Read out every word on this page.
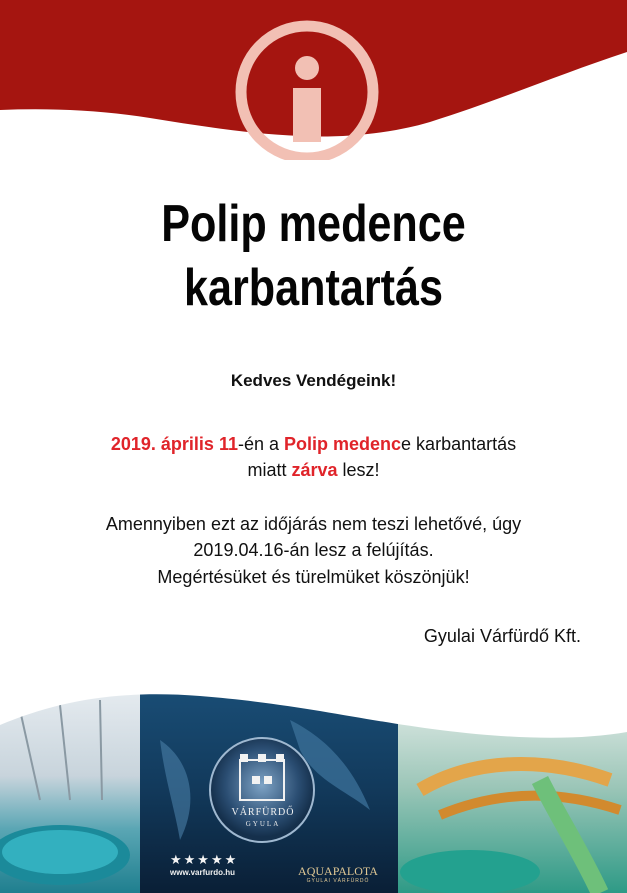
Polip medence
karbantartás
Kedves Vendégeink!
2019. április 11-én a Polip medence karbantartás
miatt zárva lesz!
Amennyiben ezt az időjárás nem teszi lehetővé, úgy
2019.04.16-án lesz a felújítás.
Megértésüket és türelmüket köszönjük!
Gyulai Várfürdő Kft.
VÁRFÜRDŐ
GYULA
★★★★★
www.varfurdo.hu	AQUAPALOTA
GYULAI VÁRFÜRDŐ
